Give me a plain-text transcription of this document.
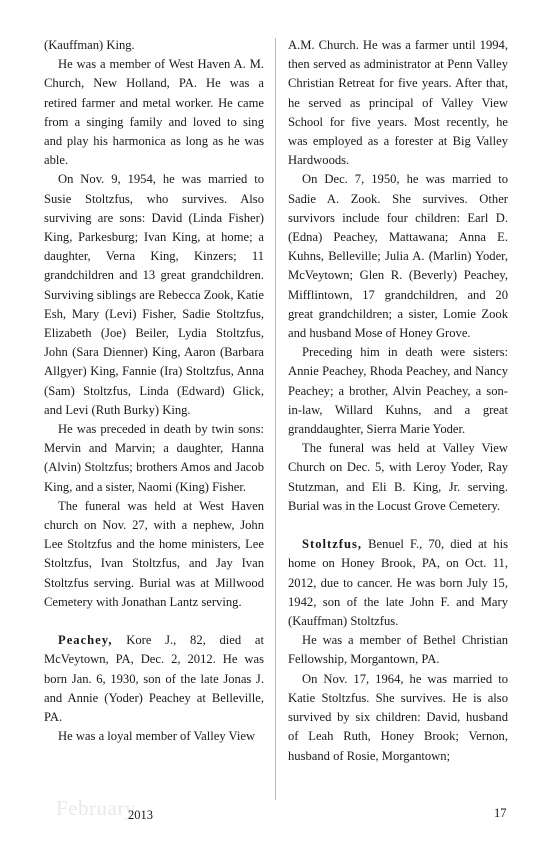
(Kauffman) King.

He was a member of West Haven A. M. Church, New Holland, PA. He was a retired farmer and metal worker. He came from a singing family and loved to sing and play his harmonica as long as he was able.

On Nov. 9, 1954, he was married to Susie Stoltzfus, who survives. Also surviving are sons: David (Linda Fisher) King, Parkesburg; Ivan King, at home; a daughter, Verna King, Kinzers; 11 grandchildren and 13 great grandchildren. Surviving siblings are Rebecca Zook, Katie Esh, Mary (Levi) Fisher, Sadie Stoltzfus, Elizabeth (Joe) Beiler, Lydia Stoltzfus, John (Sara Dienner) King, Aaron (Barbara Allgyer) King, Fannie (Ira) Stoltzfus, Anna (Sam) Stoltzfus, Linda (Edward) Glick, and Levi (Ruth Burky) King.

He was preceded in death by twin sons: Mervin and Marvin; a daughter, Hanna (Alvin) Stoltzfus; brothers Amos and Jacob King, and a sister, Naomi (King) Fisher.

The funeral was held at West Haven church on Nov. 27, with a nephew, John Lee Stoltzfus and the home ministers, Lee Stoltzfus, Ivan Stoltzfus, and Jay Ivan Stoltzfus serving. Burial was at Millwood Cemetery with Jonathan Lantz serving.

Peachey, Kore J., 82, died at McVeytown, PA, Dec. 2, 2012. He was born Jan. 6, 1930, son of the late Jonas J. and Annie (Yoder) Peachey at Belleville, PA.

He was a loyal member of Valley View

A.M. Church. He was a farmer until 1994, then served as administrator at Penn Valley Christian Retreat for five years. After that, he served as principal of Valley View School for five years. Most recently, he was employed as a forester at Big Valley Hardwoods.

On Dec. 7, 1950, he was married to Sadie A. Zook. She survives. Other survivors include four children: Earl D. (Edna) Peachey, Mattawana; Anna E. Kuhns, Belleville; Julia A. (Marlin) Yoder, McVeytown; Glen R. (Beverly) Peachey, Mifflintown, 17 grandchildren, and 20 great grandchildren; a sister, Lomie Zook and husband Mose of Honey Grove.

Preceding him in death were sisters: Annie Peachey, Rhoda Peachey, and Nancy Peachey; a brother, Alvin Peachey, a son-in-law, Willard Kuhns, and a great granddaughter, Sierra Marie Yoder.

The funeral was held at Valley View Church on Dec. 5, with Leroy Yoder, Ray Stutzman, and Eli B. King, Jr. serving. Burial was in the Locust Grove Cemetery.

Stoltzfus, Benuel F., 70, died at his home on Honey Brook, PA, on Oct. 11, 2012, due to cancer. He was born July 15, 1942, son of the late John F. and Mary (Kauffman) Stoltzfus.

He was a member of Bethel Christian Fellowship, Morgantown, PA.

On Nov. 17, 1964, he was married to Katie Stoltzfus. She survives. He is also survived by six children: David, husband of Leah Ruth, Honey Brook; Vernon, husband of Rosie, Morgantown;

February
2013	17
